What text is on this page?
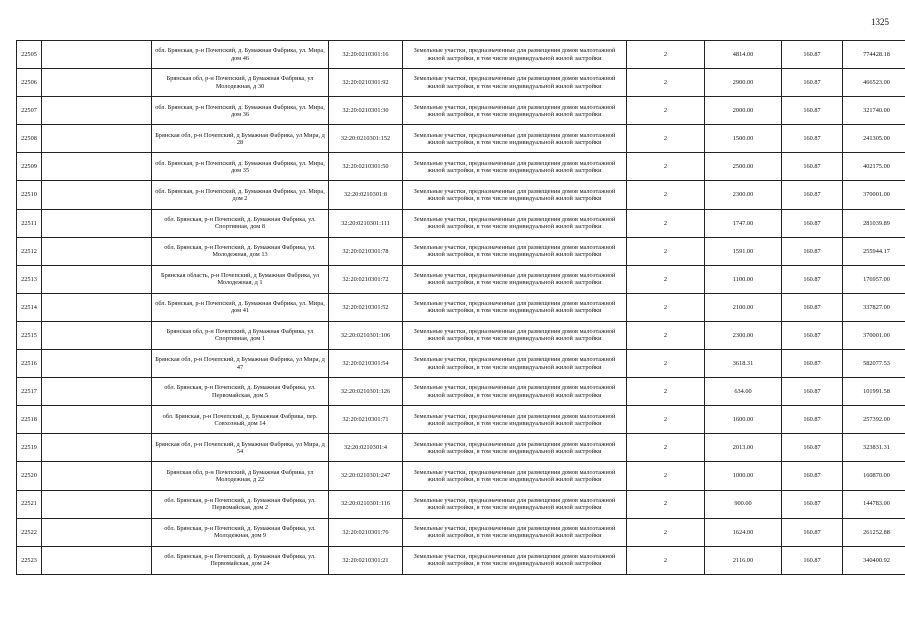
1325
22505		обл. Брянская, р-н Почепский, д. Бумажная Фабрика, ул. Мира, дом 46	32:20:0210301:16	Земельные участки, предназначенные для размещения домов малоэтажной жилой застройки, в том числе индивидуальной жилой застройки	2	4814.00	160.87	774428.18
22506		Брянская обл, р-н Почепский, д Бумажная Фабрика, ул Молодежная, д 30	32:20:0210301:92	Земельные участки, предназначенные для размещения домов малоэтажной жилой застройки, в том числе индивидуальной жилой застройки	2	2900.00	160.87	466523.00
22507		обл. Брянская, р-н Почепский, д. Бумажная Фабрика, ул. Мира, дом 36	32:20:0210301:30	Земельные участки, предназначенные для размещения домов малоэтажной жилой застройки, в том числе индивидуальной жилой застройки	2	2000.00	160.87	321740.00
22508		Брянская обл, р-н Почепский, д Бумажная Фабрика, ул Мира, д 28	32:20:0210301:152	Земельные участки, предназначенные для размещения домов малоэтажной жилой застройки, в том числе индивидуальной жилой застройки	2	1500.00	160.87	241305.00
22509		обл. Брянская, р-н Почепский, д. Бумажная Фабрика, ул. Мира, дом 35	32:20:0210301:50	Земельные участки, предназначенные для размещения домов малоэтажной жилой застройки, в том числе индивидуальной жилой застройки	2	2500.00	160.87	402175.00
22510		обл. Брянская, р-н Почепский, д. Бумажная Фабрика, ул. Мира, дом 2	32:20:0210301:8	Земельные участки, предназначенные для размещения домов малоэтажной жилой застройки, в том числе индивидуальной жилой застройки	2	2300.00	160.87	370001.00
22511		обл. Брянская, р-н Почепский, д. Бумажная Фабрика, ул. Спортивная, дом 8	32:20:0210301:111	Земельные участки, предназначенные для размещения домов малоэтажной жилой застройки, в том числе индивидуальной жилой застройки	2	1747.00	160.87	281039.89
22512		обл. Брянская, р-н Почепский, д. Бумажная Фабрика, ул. Молодежная, дом 13	32:20:0210301:78	Земельные участки, предназначенные для размещения домов малоэтажной жилой застройки, в том числе индивидуальной жилой застройки	2	1591.00	160.87	255944.17
22513		Брянская область, р-н Почепский, д Бумажная Фабрика, ул Молодежная, д 1	32:20:0210301:72	Земельные участки, предназначенные для размещения домов малоэтажной жилой застройки, в том числе индивидуальной жилой застройки	2	1100.00	160.87	176957.00
22514		обл. Брянская, р-н Почепский, д. Бумажная Фабрика, ул. Мира, дом 41	32:20:0210301:52	Земельные участки, предназначенные для размещения домов малоэтажной жилой застройки, в том числе индивидуальной жилой застройки	2	2100.00	160.87	337827.00
22515		Брянская обл, р-н Почепский, д Бумажная Фабрика, ул Спортивная, дом 1	32:20:0210301:106	Земельные участки, предназначенные для размещения домов малоэтажной жилой застройки, в том числе индивидуальной жилой застройки	2	2300.00	160.87	370001.00
22516		Брянская обл, р-н Почепский, д Бумажная Фабрика, ул Мира, д 47	32:20:0210301:54	Земельные участки, предназначенные для размещения домов малоэтажной жилой застройки, в том числе индивидуальной жилой застройки	2	3618.31	160.87	582077.53
22517		обл. Брянская, р-н Почепский, д. Бумажная Фабрика, ул. Первомайская, дом 5	32:20:0210301:126	Земельные участки, предназначенные для размещения домов малоэтажной жилой застройки, в том числе индивидуальной жилой застройки	2	634.00	160.87	101991.58
22518		обл. Брянская, р-н Почепский, д. Бумажная Фабрика, пер. Совхозный, дом 14	32:20:0210301:71	Земельные участки, предназначенные для размещения домов малоэтажной жилой застройки, в том числе индивидуальной жилой застройки	2	1600.00	160.87	257392.00
22519		Брянская обл, р-н Почепский, д Бумажная Фабрика, ул Мира, д 54	32:20:0210301:4	Земельные участки, предназначенные для размещения домов малоэтажной жилой застройки, в том числе индивидуальной жилой застройки	2	2013.00	160.87	323831.31
22520		Брянская обл, р-н Почепский, д Бумажная Фабрика, ул Молодежная, д 22	32:20:0210301:247	Земельные участки, предназначенные для размещения домов малоэтажной жилой застройки, в том числе индивидуальной жилой застройки	2	1000.00	160.87	160870.00
22521		обл. Брянская, р-н Почепский, д. Бумажная Фабрика, ул. Первомайская, дом 2	32:20:0210301:116	Земельные участки, предназначенные для размещения домов малоэтажной жилой застройки, в том числе индивидуальной жилой застройки	2	900.00	160.87	144783.00
22522		обл. Брянская, р-н Почепский, д. Бумажная Фабрика, ул. Молодежная, дом 9	32:20:0210301:76	Земельные участки, предназначенные для размещения домов малоэтажной жилой застройки, в том числе индивидуальной жилой застройки	2	1624.00	160.87	261252.88
22523		обл. Брянская, р-н Почепский, д. Бумажная Фабрика, ул. Первомайская, дом 24	32:20:0210301:21	Земельные участки, предназначенные для размещения домов малоэтажной жилой застройки, в том числе индивидуальной жилой застройки	2	2116.00	160.87	340400.92
